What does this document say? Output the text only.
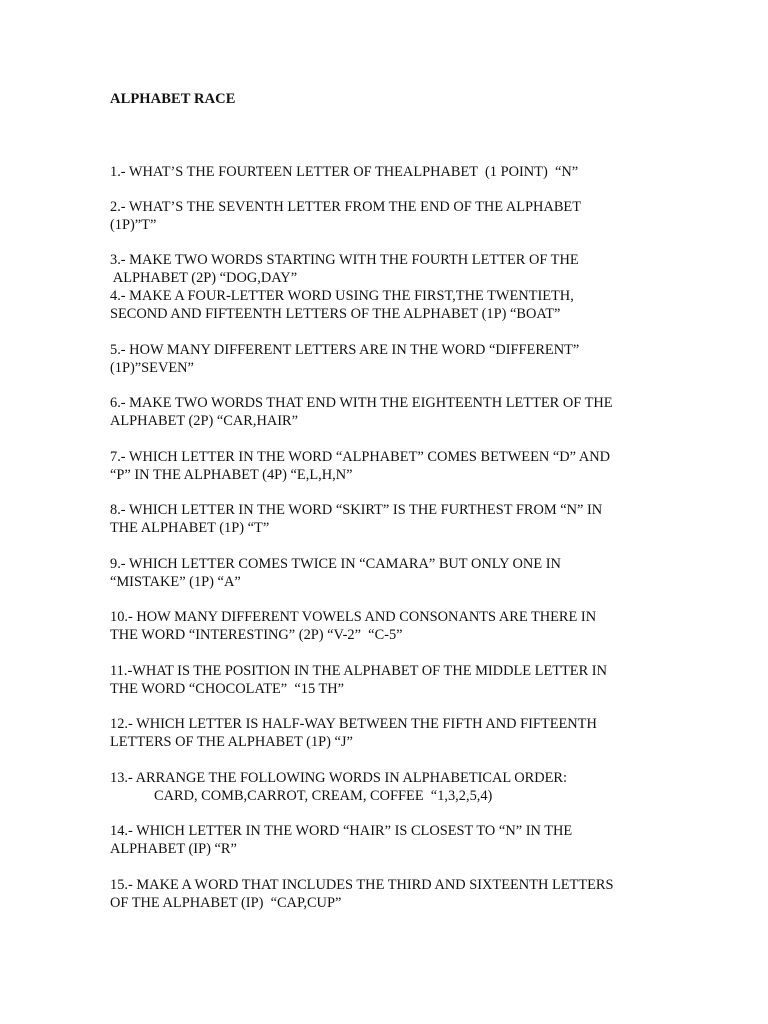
ALPHABET RACE
1.- WHAT’S THE FOURTEEN LETTER OF THEALPHABET  (1 POINT)  “N”
2.- WHAT’S THE SEVENTH LETTER FROM THE END OF THE ALPHABET
(1P)”T”
3.- MAKE TWO WORDS STARTING WITH THE FOURTH LETTER OF THE
ALPHABET (2P) “DOG,DAY”
4.- MAKE A FOUR-LETTER WORD USING THE FIRST,THE TWENTIETH,
SECOND AND FIFTEENTH LETTERS OF THE ALPHABET (1P) “BOAT”
5.- HOW MANY DIFFERENT LETTERS ARE IN THE WORD “DIFFERENT”
(1P)”SEVEN”
6.- MAKE TWO WORDS THAT END WITH THE EIGHTEENTH LETTER OF THE
ALPHABET (2P) “CAR,HAIR”
7.- WHICH LETTER IN THE WORD “ALPHABET” COMES BETWEEN “D” AND
“P” IN THE ALPHABET (4P) “E,L,H,N”
8.- WHICH LETTER IN THE WORD “SKIRT” IS THE FURTHEST FROM “N” IN
THE ALPHABET (1P) “T”
9.- WHICH LETTER COMES TWICE IN “CAMARA” BUT ONLY ONE IN
“MISTAKE” (1P) “A”
10.- HOW MANY DIFFERENT VOWELS AND CONSONANTS ARE THERE IN
THE WORD “INTERESTING” (2P) “V-2”  “C-5”
11.-WHAT IS THE POSITION IN THE ALPHABET OF THE MIDDLE LETTER IN
THE WORD “CHOCOLATE”  “15 TH”
12.- WHICH LETTER IS HALF-WAY BETWEEN THE FIFTH AND FIFTEENTH
LETTERS OF THE ALPHABET (1P) “J”
13.- ARRANGE THE FOLLOWING WORDS IN ALPHABETICAL ORDER:
CARD, COMB,CARROT, CREAM, COFFEE  “1,3,2,5,4)
14.- WHICH LETTER IN THE WORD “HAIR” IS CLOSEST TO “N” IN THE
ALPHABET (IP) “R”
15.- MAKE A WORD THAT INCLUDES THE THIRD AND SIXTEENTH LETTERS
OF THE ALPHABET (IP)  “CAP,CUP”
